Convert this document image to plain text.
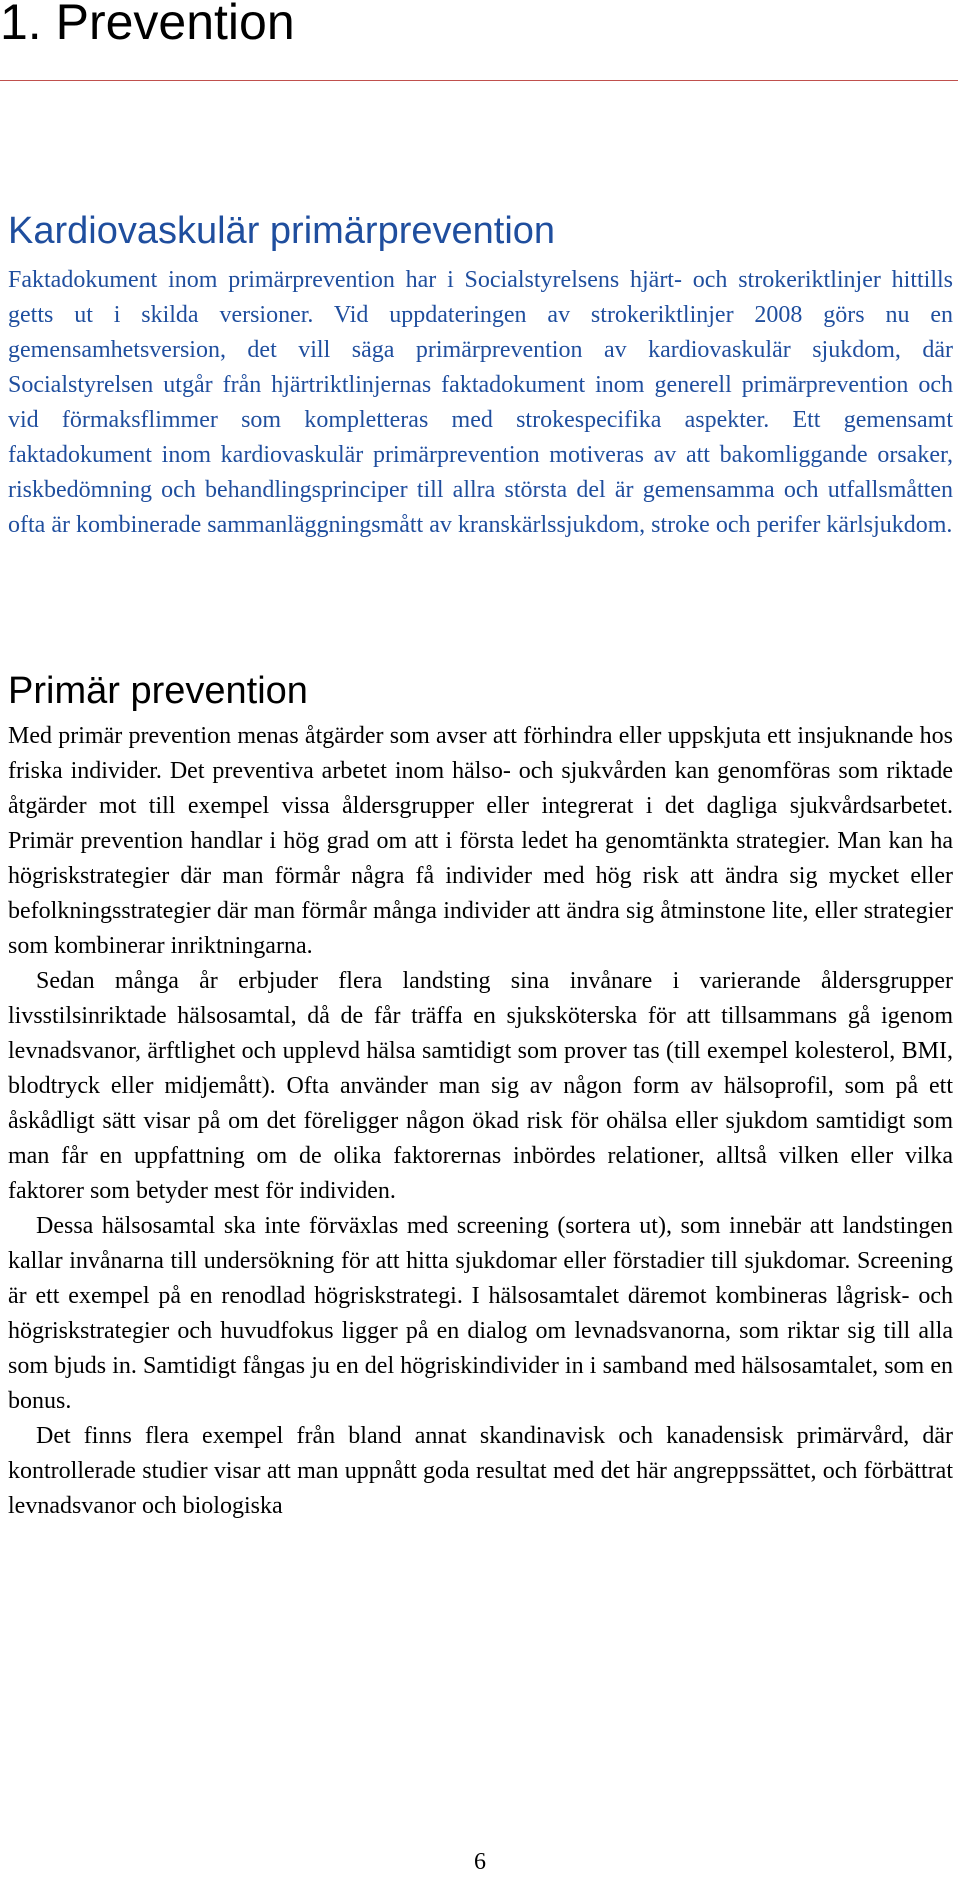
1. Prevention
Kardiovaskulär primärprevention

Faktadokument inom primärprevention har i Socialstyrelsens hjärt- och strokeriktlinjer hittills getts ut i skilda versioner. Vid uppdateringen av strokeriktlinjer 2008 görs nu en gemensamhetsversion, det vill säga primärprevention av kardiovaskulär sjukdom, där Socialstyrelsen utgår från hjärtriktlinjernas faktadokument inom generell primärprevention och vid förmaksflimmer som kompletteras med strokespecifika aspekter. Ett gemensamt faktadokument inom kardiovaskulär primärprevention motiveras av att bakomliggande orsaker, riskbedömning och behandlingsprinciper till allra största del är gemensamma och utfallsmåtten ofta är kombinerade sammanläggningsmått av kranskärlssjukdom, stroke och perifer kärlsjukdom.

Primär prevention

Med primär prevention menas åtgärder som avser att förhindra eller uppskjuta ett insjuknande hos friska individer. Det preventiva arbetet inom hälso- och sjukvården kan genomföras som riktade åtgärder mot till exempel vissa åldersgrupper eller integrerat i det dagliga sjukvårdsarbetet. Primär prevention handlar i hög grad om att i första ledet ha genomtänkta strategier. Man kan ha högriskstrategier där man förmår några få individer med hög risk att ändra sig mycket eller befolkningsstrategier där man förmår många individer att ändra sig åtminstone lite, eller strategier som kombinerar inriktningarna.

Sedan många år erbjuder flera landsting sina invånare i varierande åldersgrupper livsstilsinriktade hälsosamtal, då de får träffa en sjuksköterska för att tillsammans gå igenom levnadsvanor, ärftlighet och upplevd hälsa samtidigt som prover tas (till exempel kolesterol, BMI, blodtryck eller midjemått). Ofta använder man sig av någon form av hälsoprofil, som på ett åskådligt sätt visar på om det föreligger någon ökad risk för ohälsa eller sjukdom samtidigt som man får en uppfattning om de olika faktorernas inbördes relationer, alltså vilken eller vilka faktorer som betyder mest för individen.

Dessa hälsosamtal ska inte förväxlas med screening (sortera ut), som innebär att landstingen kallar invånarna till undersökning för att hitta sjukdomar eller förstadier till sjukdomar. Screening är ett exempel på en renodlad högriskstrategi. I hälsosamtalet däremot kombineras lågrisk- och högriskstrategier och huvudfokus ligger på en dialog om levnadsvanorna, som riktar sig till alla som bjuds in. Samtidigt fångas ju en del högriskindivider in i samband med hälsosamtalet, som en bonus.

Det finns flera exempel från bland annat skandinavisk och kanadensisk primärvård, där kontrollerade studier visar att man uppnått goda resultat med det här angreppssättet, och förbättrat levnadsvanor och biologiska

6
